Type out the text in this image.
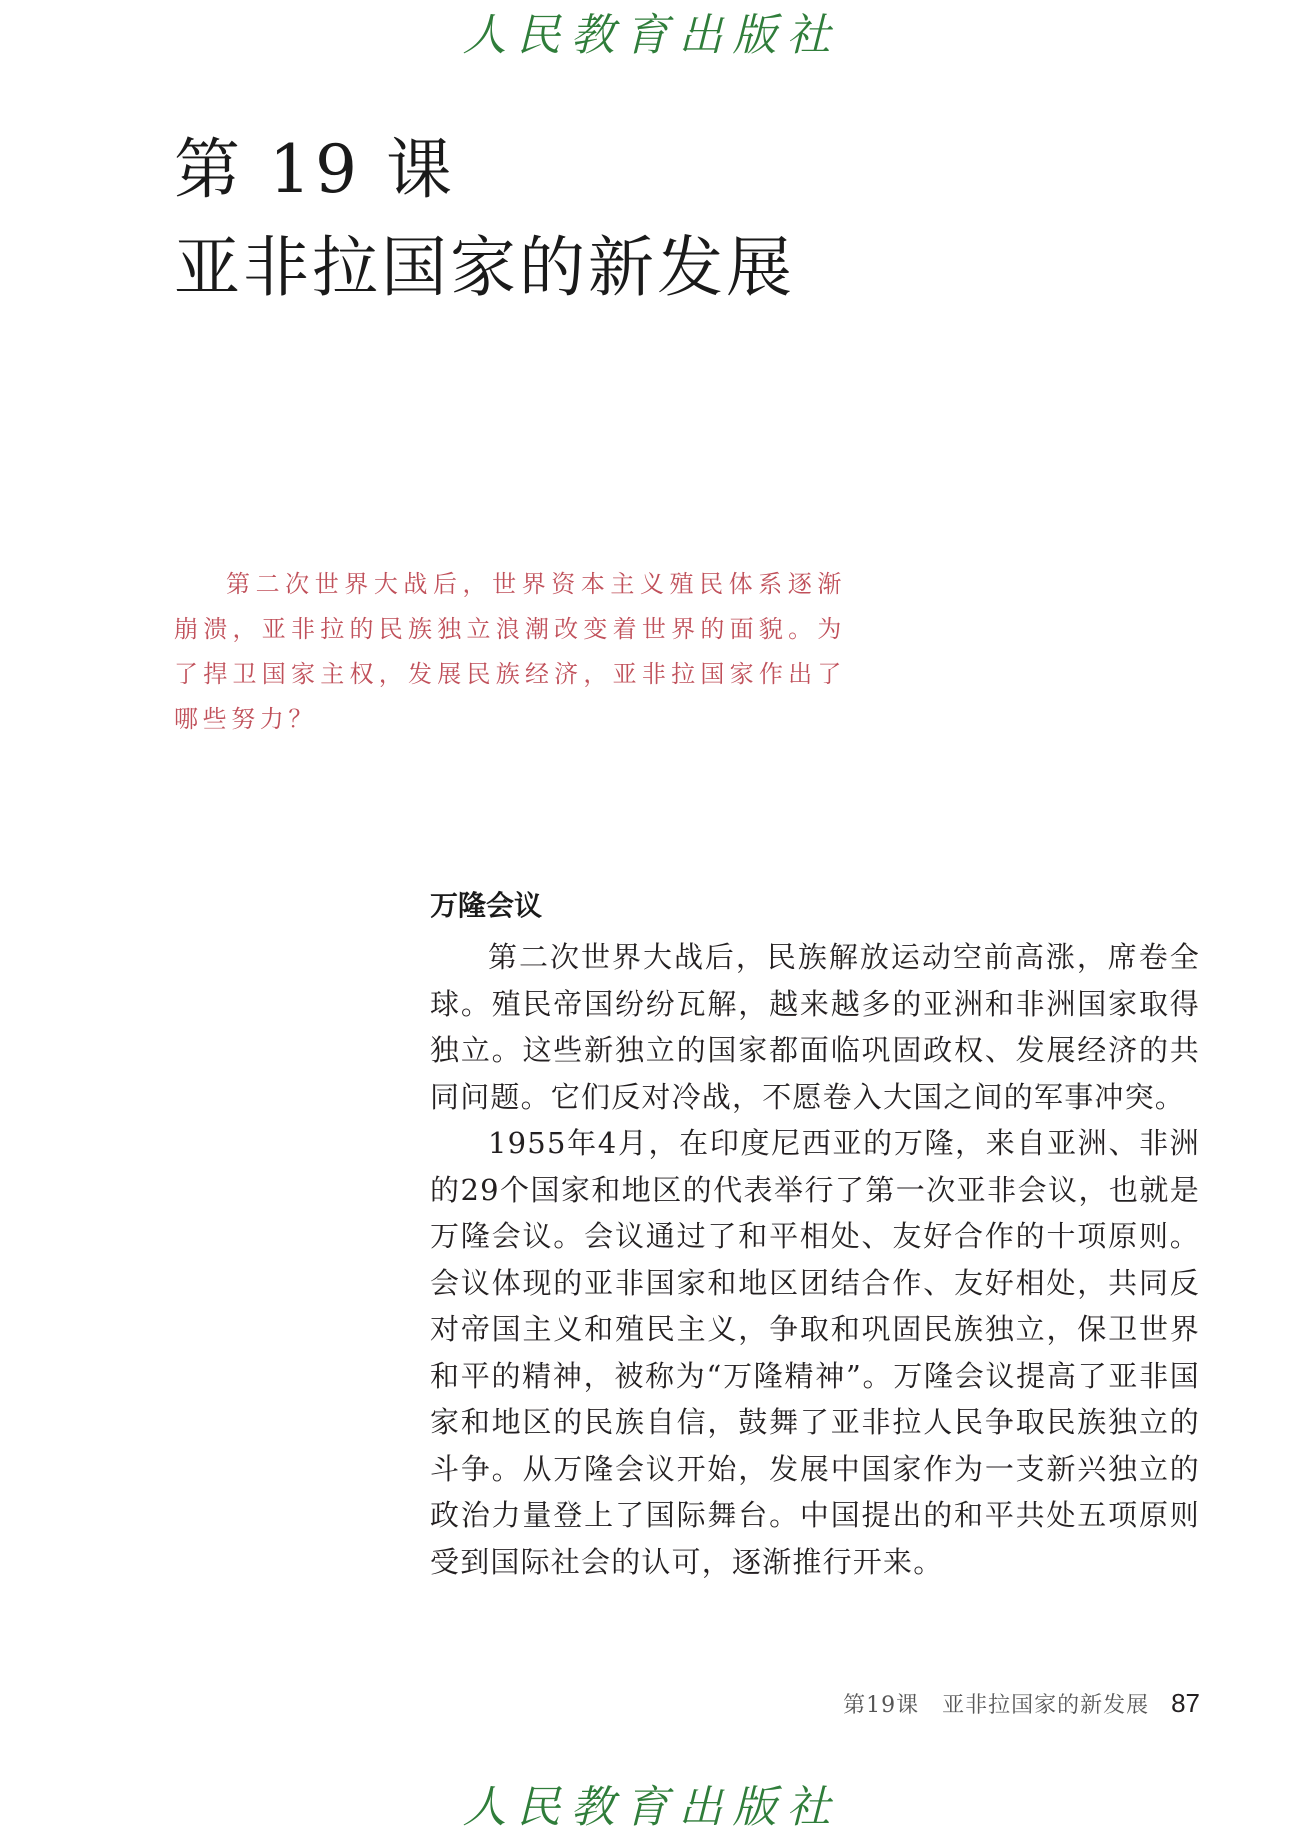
人民教育出版社
第 19 课
亚非拉国家的新发展
第二次世界大战后，世界资本主义殖民体系逐渐崩溃，亚非拉的民族独立浪潮改变着世界的面貌。为了捍卫国家主权，发展民族经济，亚非拉国家作出了哪些努力？
万隆会议

第二次世界大战后，民族解放运动空前高涨，席卷全球。殖民帝国纷纷瓦解，越来越多的亚洲和非洲国家取得独立。这些新独立的国家都面临巩固政权、发展经济的共同问题。它们反对冷战，不愿卷入大国之间的军事冲突。

1955年4月，在印度尼西亚的万隆，来自亚洲、非洲的29个国家和地区的代表举行了第一次亚非会议，也就是万隆会议。会议通过了和平相处、友好合作的十项原则。会议体现的亚非国家和地区团结合作、友好相处，共同反对帝国主义和殖民主义，争取和巩固民族独立，保卫世界和平的精神，被称为“万隆精神”。万隆会议提高了亚非国家和地区的民族自信，鼓舞了亚非拉人民争取民族独立的斗争。从万隆会议开始，发展中国家作为一支新兴独立的政治力量登上了国际舞台。中国提出的和平共处五项原则受到国际社会的认可，逐渐推行开来。

第19课　亚非拉国家的新发展 87
人民教育出版社
